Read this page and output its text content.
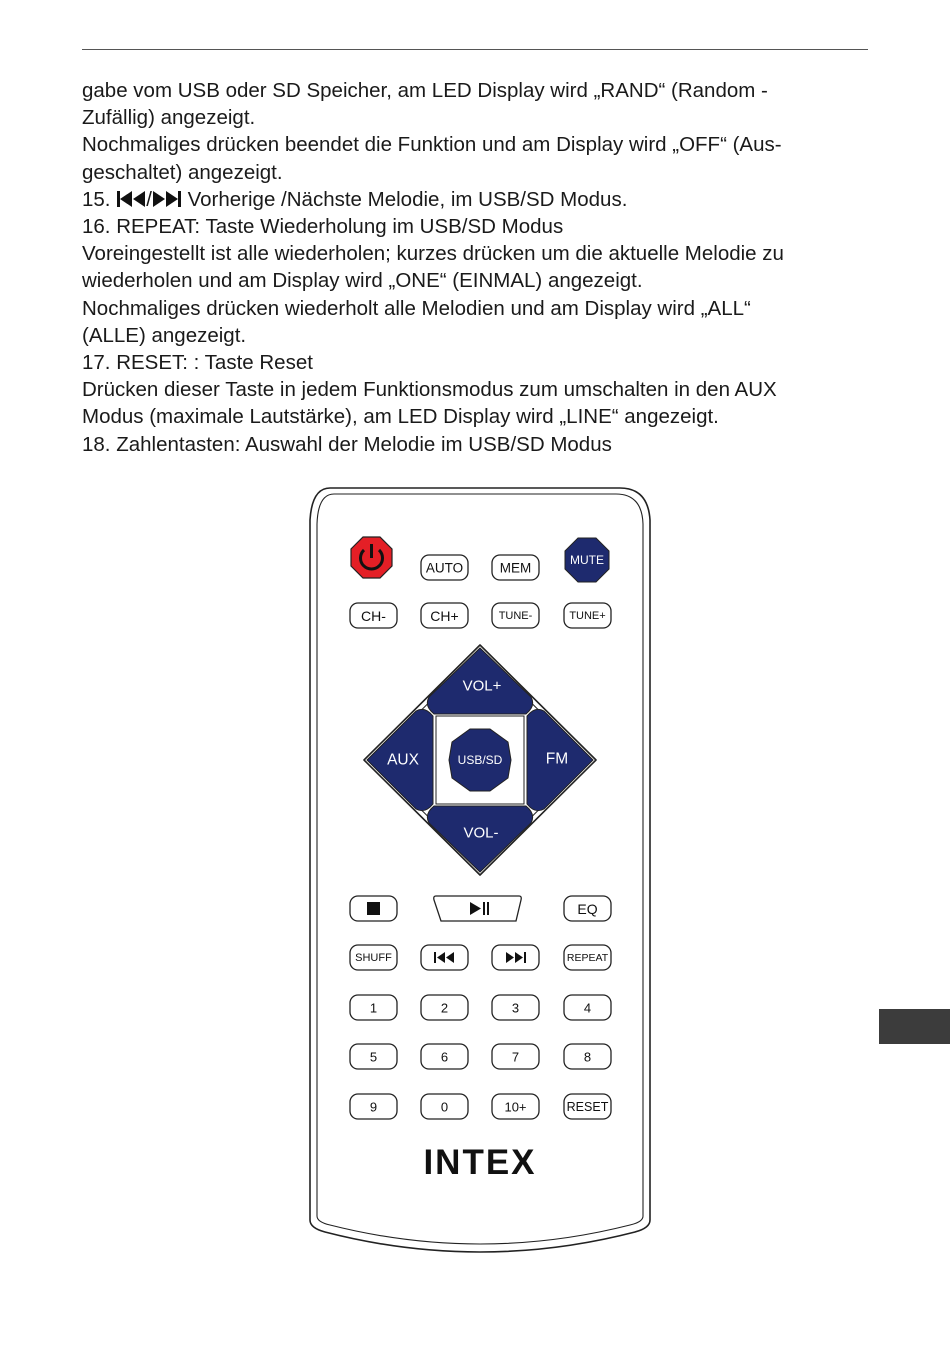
gabe vom USB oder SD Speicher, am LED Display wird „RAND“ (Random -

Zufällig) angezeigt.

Nochmaliges drücken beendet die Funktion und am Display wird „OFF“ (Aus-

geschaltet) angezeigt.

15. / Vorherige /Nächste Melodie, im USB/SD Modus.

16. REPEAT: Taste Wiederholung im USB/SD Modus

Voreingestellt ist alle wiederholen; kurzes drücken um die aktuelle Melodie zu

wiederholen und am Display wird „ONE“ (EINMAL) angezeigt.

Nochmaliges drücken wiederholt alle Melodien und am Display wird „ALL“

(ALLE) angezeigt.

17. RESET: : Taste Reset

Drücken dieser Taste in jedem Funktionsmodus zum umschalten in den AUX

Modus (maximale Lautstärke), am LED Display wird „LINE“ angezeigt.

18. Zahlentasten: Auswahl der Melodie im USB/SD Modus

AUTO	MEM
MUTE
CH-	CH+	TUNE-	TUNE+
VOL+
VOL-
AUX	FM
USB/SD
EQ
SHUFF	REPEAT
1	2	3	4
5	6	7	8
9	0	10+	RESET
INTEX
